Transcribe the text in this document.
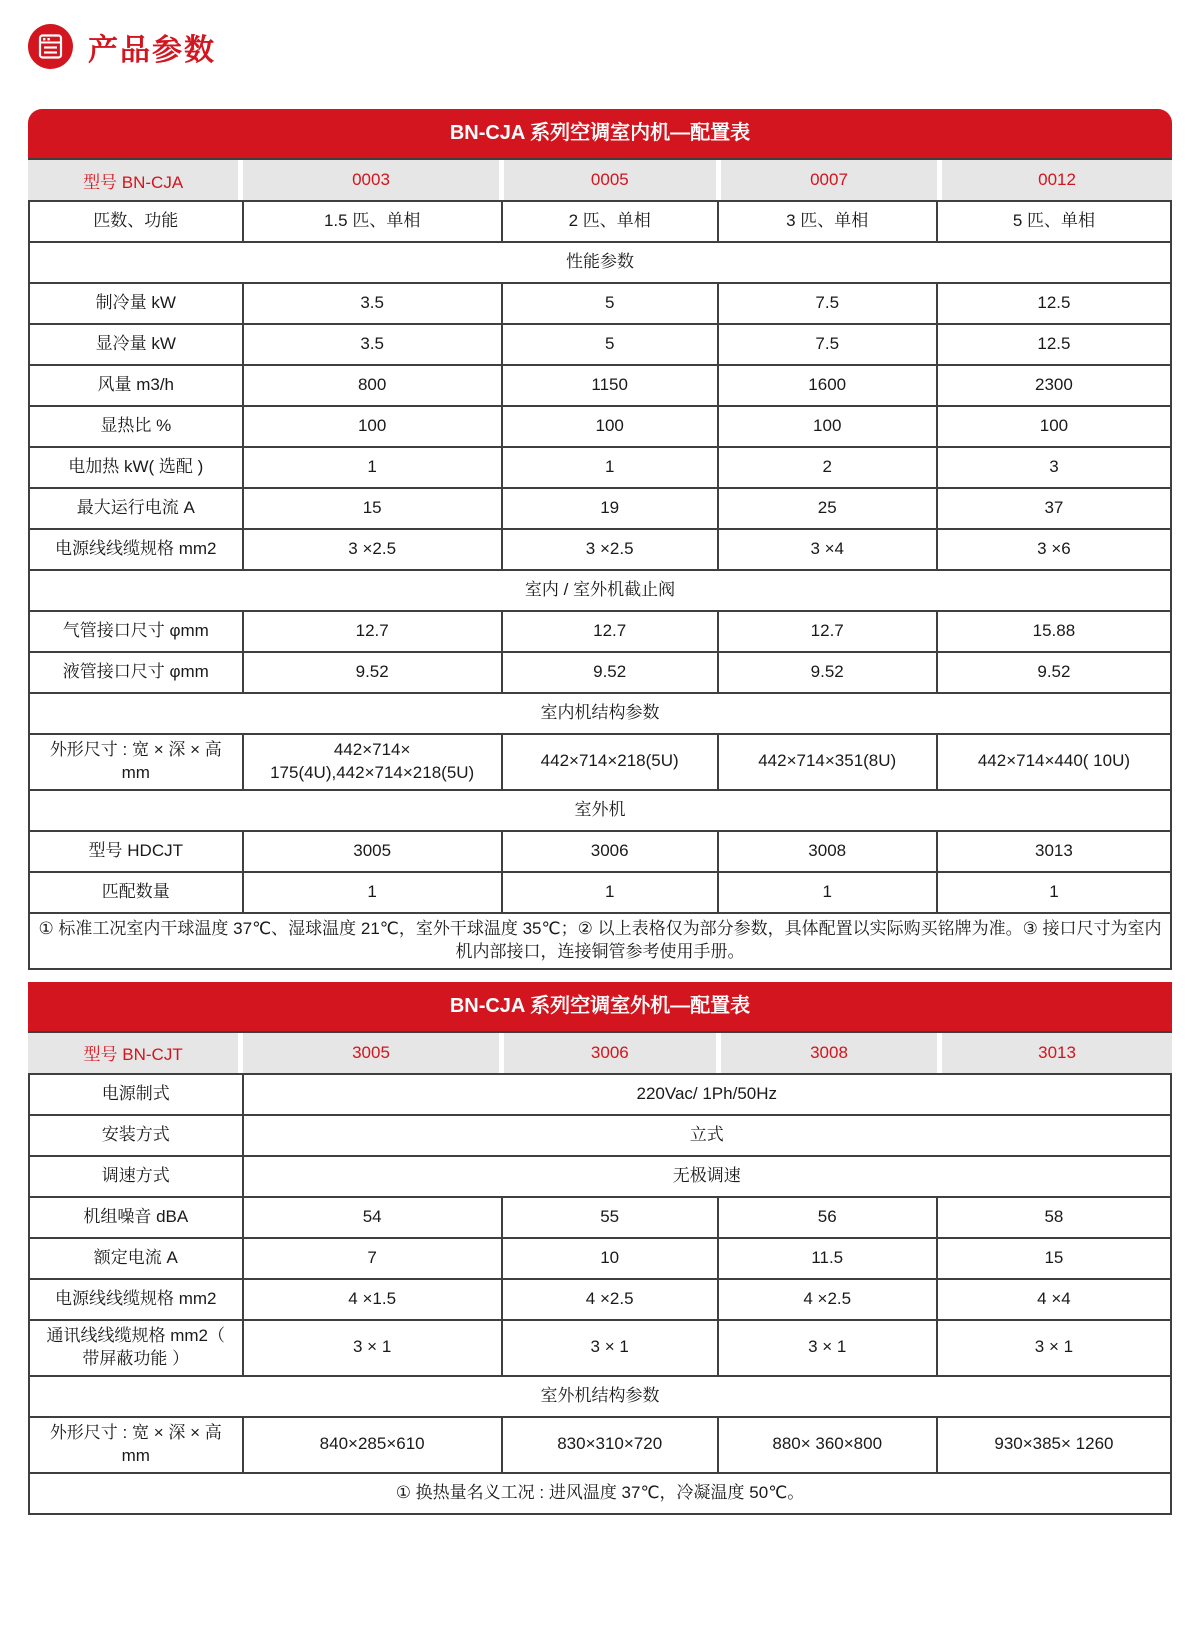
产品参数
BN-CJA 系列空调室内机—配置表
型号 BN-CJA	0003	0005	0007	0012
匹数、功能	1.5 匹、单相	2 匹、单相	3 匹、单相	5 匹、单相
性能参数				
制冷量 kW	3.5	5	7.5	12.5
显冷量 kW	3.5	5	7.5	12.5
风量 m3/h	800	1150	1600	2300
显热比 %	100	100	100	100
电加热 kW( 选配 )	1	1	2	3
最大运行电流 A	15	19	25	37
电源线线缆规格 mm2	3 ×2.5	3 ×2.5	3 ×4	3 ×6
室内 / 室外机截止阀				
气管接口尺寸 φmm	12.7	12.7	12.7	15.88
液管接口尺寸 φmm	9.52	9.52	9.52	9.52
室内机结构参数				
外形尺寸 : 宽 × 深 × 高 mm	442×714× 175(4U),442×714×218(5U)	442×714×218(5U)	442×714×351(8U)	442×714×440( 10U)
室外机				
型号 HDCJT	3005	3006	3008	3013
匹配数量	1	1	1	1
① 标准工况室内干球温度 37℃、湿球温度 21℃，室外干球温度 35℃；② 以上表格仅为部分参数，具体配置以实际购买铭牌为准。③ 接口尺寸为室内机内部接口，连接铜管参考使用手册。				
BN-CJA 系列空调室外机—配置表
型号 BN-CJT	3005	3006	3008	3013
电源制式	220Vac/ 1Ph/50Hz			
安装方式	立式			
调速方式	无极调速			
机组噪音 dBA	54	55	56	58
额定电流 A	7	10	11.5	15
电源线线缆规格 mm2	4 ×1.5	4 ×2.5	4 ×2.5	4 ×4
通讯线线缆规格 mm2（ 带屏蔽功能 ）	3 × 1	3 × 1	3 × 1	3 × 1
室外机结构参数				
外形尺寸 : 宽 × 深 × 高 mm	840×285×610	830×310×720	880× 360×800	930×385× 1260
① 换热量名义工况 : 进风温度 37℃，冷凝温度 50℃。				
